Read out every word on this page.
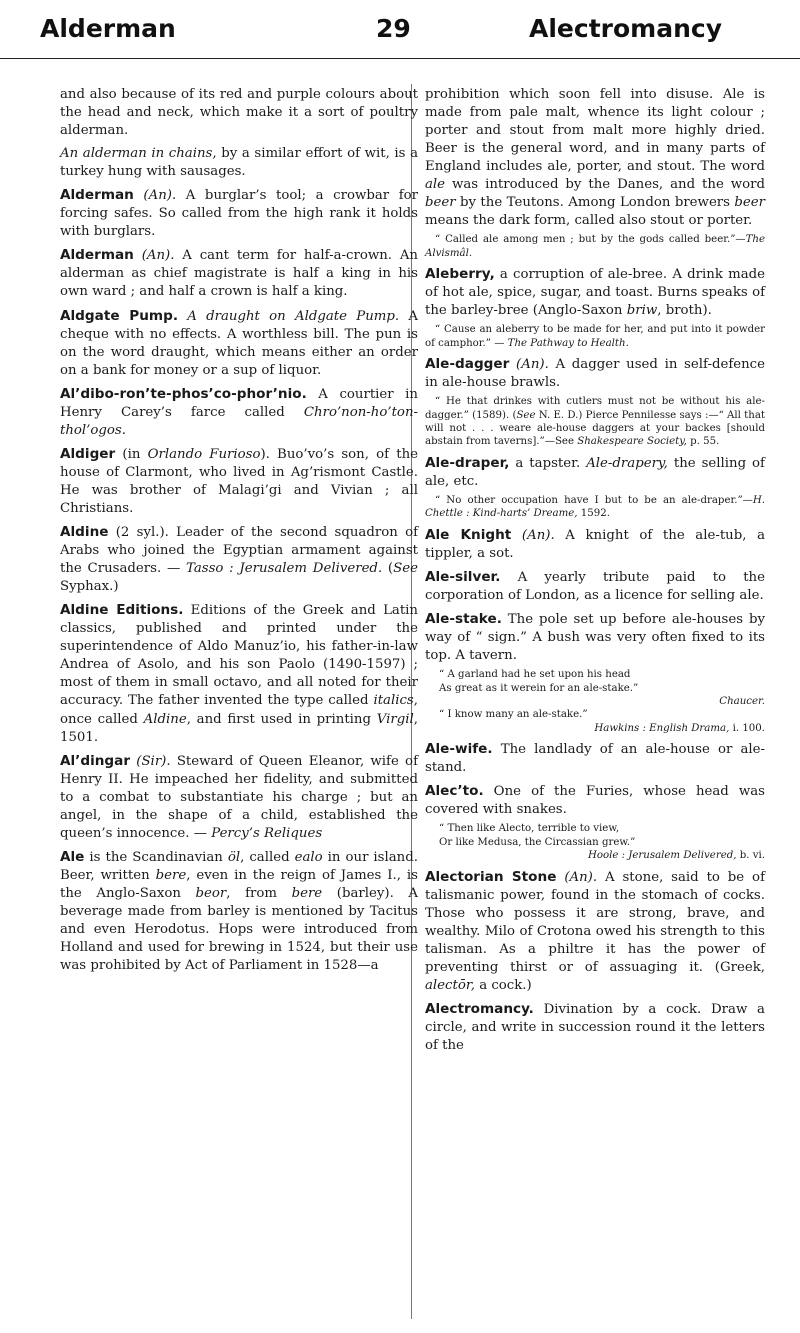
Alderman	29	Alectromancy

and also because of its red and purple colours about the head and neck, which make it a sort of poultry alderman.

An alderman in chains, by a similar effort of wit, is a turkey hung with sausages.

Alderman (An). A burglar’s tool; a crowbar for forcing safes. So called from the high rank it holds with burglars.

Alderman (An). A cant term for half-a-crown. An alderman as chief magistrate is half a king in his own ward ; and half a crown is half a king.

Aldgate Pump. A draught on Aldgate Pump. A cheque with no effects. A worthless bill. The pun is on the word draught, which means either an order on a bank for money or a sup of liquor.

Al’dibo-ron’te-phos’co-phor’nio. A courtier in Henry Carey’s farce called Chro’non-ho’ton-thol’ogos.

Aldiger (in Orlando Furioso). Buo’vo’s son, of the house of Clarmont, who lived in Ag’rismont Castle. He was brother of Malagi’gi and Vivian ; all Christians.

Aldine (2 syl.). Leader of the second squadron of Arabs who joined the Egyptian armament against the Crusaders. — Tasso : Jerusalem Delivered. (See Syphax.)

Aldine Editions. Editions of the Greek and Latin classics, published and printed under the superintendence of Aldo Manuz’io, his father-in-law Andrea of Asolo, and his son Paolo (1490-1597) ; most of them in small octavo, and all noted for their accuracy. The father invented the type called italics, once called Aldine, and first used in printing Virgil, 1501.

Al’dingar (Sir). Steward of Queen Eleanor, wife of Henry II. He impeached her fidelity, and submitted to a combat to substantiate his charge ; but an angel, in the shape of a child, established the queen’s innocence. — Percy’s Reliques

Ale is the Scandinavian öl, called ealo in our island. Beer, written bere, even in the reign of James I., is the Anglo-Saxon beor, from bere (barley). A beverage made from barley is mentioned by Tacitus and even Herodotus. Hops were introduced from Holland and used for brewing in 1524, but their use was prohibited by Act of Parliament in 1528—a

prohibition which soon fell into disuse. Ale is made from pale malt, whence its light colour ; porter and stout from malt more highly dried. Beer is the general word, and in many parts of England includes ale, porter, and stout. The word ale was introduced by the Danes, and the word beer by the Teutons. Among London brewers beer means the dark form, called also stout or porter.

“ Called ale among men ; but by the gods called beer.”—The Alvismâl.

Aleberry, a corruption of ale-bree. A drink made of hot ale, spice, sugar, and toast. Burns speaks of the barley-bree (Anglo-Saxon briw, broth).

“ Cause an aleberry to be made for her, and put into it powder of camphor.” — The Pathway to Health.

Ale-dagger (An). A dagger used in self-defence in ale-house brawls.

“ He that drinkes with cutlers must not be without his ale-dagger.” (1589). (See N. E. D.) Pierce Pennilesse says :—“ All that will not . . . weare ale-house daggers at your backes [should abstain from taverns].”—See Shakespeare Society, p. 55.

Ale-draper, a tapster. Ale-drapery, the selling of ale, etc.

“ No other occupation have I but to be an ale-draper.”—H. Chettle : Kind-harts’ Dreame, 1592.

Ale Knight (An). A knight of the ale-tub, a tippler, a sot.

Ale-silver. A yearly tribute paid to the corporation of London, as a licence for selling ale.

Ale-stake. The pole set up before ale-houses by way of “ sign.” A bush was very often fixed to its top. A tavern.

“ A garland had he set upon his head
As great as it werein for an ale-stake.”
Chaucer.
“ I know many an ale-stake.”
Hawkins : English Drama, i. 100.

Ale-wife. The landlady of an ale-house or ale-stand.

Alec’to. One of the Furies, whose head was covered with snakes.

“ Then like Alecto, terrible to view,
Or like Medusa, the Circassian grew.”
Hoole : Jerusalem Delivered, b. vi.

Alectorian Stone (An). A stone, said to be of talismanic power, found in the stomach of cocks. Those who possess it are strong, brave, and wealthy. Milo of Crotona owed his strength to this talisman. As a philtre it has the power of preventing thirst or of assuaging it. (Greek, alectōr, a cock.)

Alectromancy. Divination by a cock. Draw a circle, and write in succession round it the letters of the
